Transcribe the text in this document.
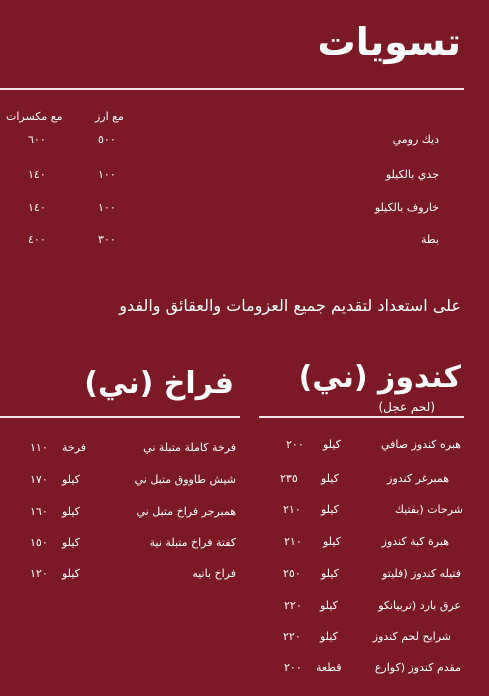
تسويات
مع ارز
مع مكسرات
ديك رومي
٥٠٠
٦٠٠
جدي بالكيلو
١٠٠
١٤٠
خاروف بالكيلو
١٠٠
١٤٠
بطة
٣٠٠
٤٠٠
على استعداد لتقديم جميع العزومات والعقائق والفدو
كندوز (ني)
(لحم عجل)
فراخ (ني)
هبره كندوز صافي
كيلو
٢٠٠
همبرغر كندوز
كيلو
٢٣٥
شرحات (بفتيك
كيلو
٢١٠
هبرة كبة كندوز
كيلو
٢١٠
فتيله كندوز (فليتو
كيلو
٢٥٠
عرق بارد (تربيانكو
كيلو
٢٢٠
شرايح لحم كندوز
كيلو
٢٢٠
مقدم كندوز (كوارع
قطعة
٢٠٠
فرخة كاملة متبلة ني
فرخة
١١٠
شيش طاووق متبل ني
كيلو
١٧٠
همبرجر فراخ متبل ني
كيلو
١٦٠
كفتة فراخ متبلة نية
كيلو
١٥٠
فراخ بانيه
كيلو
١٢٠
